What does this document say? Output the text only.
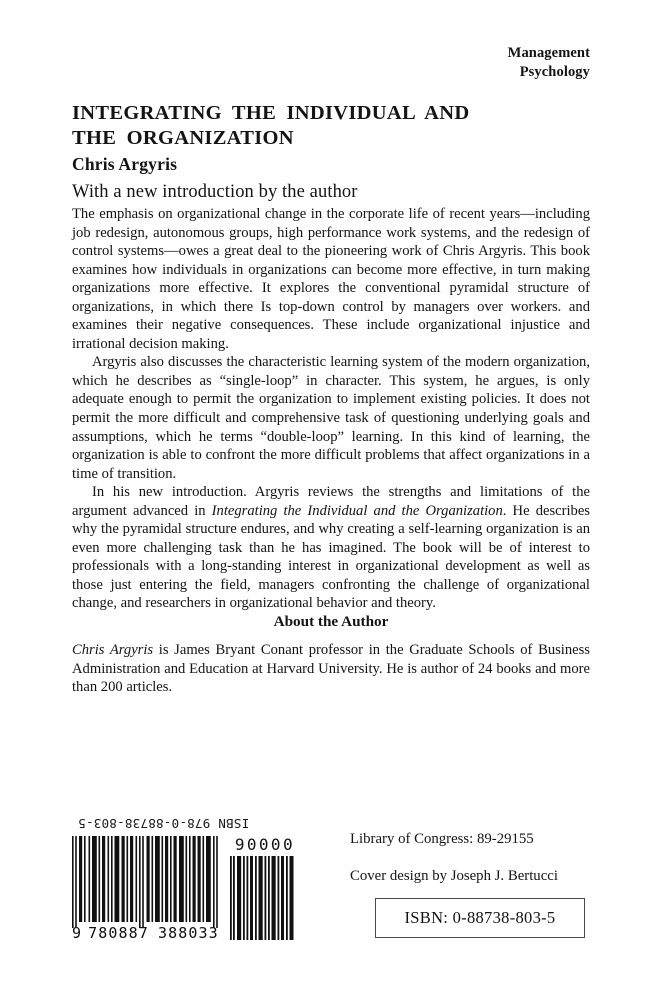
Management
Psychology
INTEGRATING THE INDIVIDUAL AND
THE ORGANIZATION
Chris Argyris
With a new introduction by the author

The emphasis on organizational change in the corporate life of recent years—including job redesign, autonomous groups, high performance work systems, and the redesign of control systems—owes a great deal to the pioneering work of Chris Argyris. This book examines how individuals in organizations can become more effective, in turn making organizations more effective. It explores the conventional pyramidal structure of organizations, in which there Is top-down control by managers over workers. and examines their negative consequences. These include organizational injustice and irrational decision making.

Argyris also discusses the characteristic learning system of the modern organization, which he describes as “single-loop” in character. This system, he argues, is only adequate enough to permit the organization to implement existing policies. It does not permit the more difficult and comprehensive task of questioning underlying goals and assumptions, which he terms “double-loop” learning. In this kind of learning, the organization is able to confront the more difficult problems that affect organizations in a time of transition.

In his new introduction. Argyris reviews the strengths and limitations of the argument advanced in Integrating the Individual and the Organization. He describes why the pyramidal structure endures, and why creating a self-learning organization is an even more challenging task than he has imagined. The book will be of interest to professionals with a long-standing interest in organizational development as well as those just entering the field, managers confronting the challenge of organizational change, and researchers in organizational behavior and theory.

About the Author

Chris Argyris is James Bryant Conant professor in the Graduate Schools of Business Administration and Education at Harvard University. He is author of 24 books and more than 200 articles.

ISBN 978-0-88738-803-5
90000
9 780887 388033
Library of Congress: 89-29155
Cover design by Joseph J. Bertucci
ISBN: 0-88738-803-5
